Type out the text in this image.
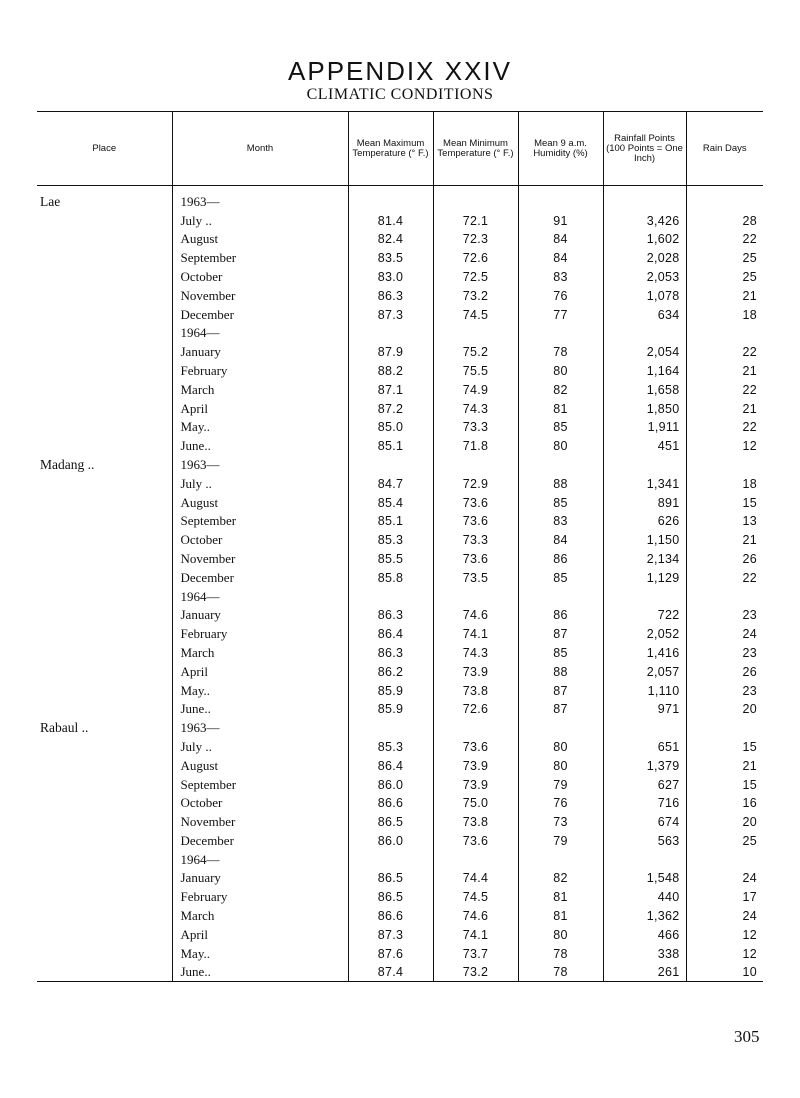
APPENDIX XXIV
CLIMATIC CONDITIONS
Place	Month	Mean Maximum Temperature (° F.)	Mean Minimum Temperature (° F.)	Mean 9 a.m. Humidity (%)	Rainfall Points (100 Points = One Inch)	Rain Days
Lae	1963—					
	July ..	81.4	72.1	91	3,426	28
	August	82.4	72.3	84	1,602	22
	September	83.5	72.6	84	2,028	25
	October	83.0	72.5	83	2,053	25
	November	86.3	73.2	76	1,078	21
	December	87.3	74.5	77	634	18
	1964—					
	January	87.9	75.2	78	2,054	22
	February	88.2	75.5	80	1,164	21
	March	87.1	74.9	82	1,658	22
	April	87.2	74.3	81	1,850	21
	May..	85.0	73.3	85	1,911	22
	June..	85.1	71.8	80	451	12
Madang ..	1963—					
	July ..	84.7	72.9	88	1,341	18
	August	85.4	73.6	85	891	15
	September	85.1	73.6	83	626	13
	October	85.3	73.3	84	1,150	21
	November	85.5	73.6	86	2,134	26
	December	85.8	73.5	85	1,129	22
	1964—					
	January	86.3	74.6	86	722	23
	February	86.4	74.1	87	2,052	24
	March	86.3	74.3	85	1,416	23
	April	86.2	73.9	88	2,057	26
	May..	85.9	73.8	87	1,110	23
	June..	85.9	72.6	87	971	20
Rabaul ..	1963—					
	July ..	85.3	73.6	80	651	15
	August	86.4	73.9	80	1,379	21
	September	86.0	73.9	79	627	15
	October	86.6	75.0	76	716	16
	November	86.5	73.8	73	674	20
	December	86.0	73.6	79	563	25
	1964—					
	January	86.5	74.4	82	1,548	24
	February	86.5	74.5	81	440	17
	March	86.6	74.6	81	1,362	24
	April	87.3	74.1	80	466	12
	May..	87.6	73.7	78	338	12
	June..	87.4	73.2	78	261	10
305
